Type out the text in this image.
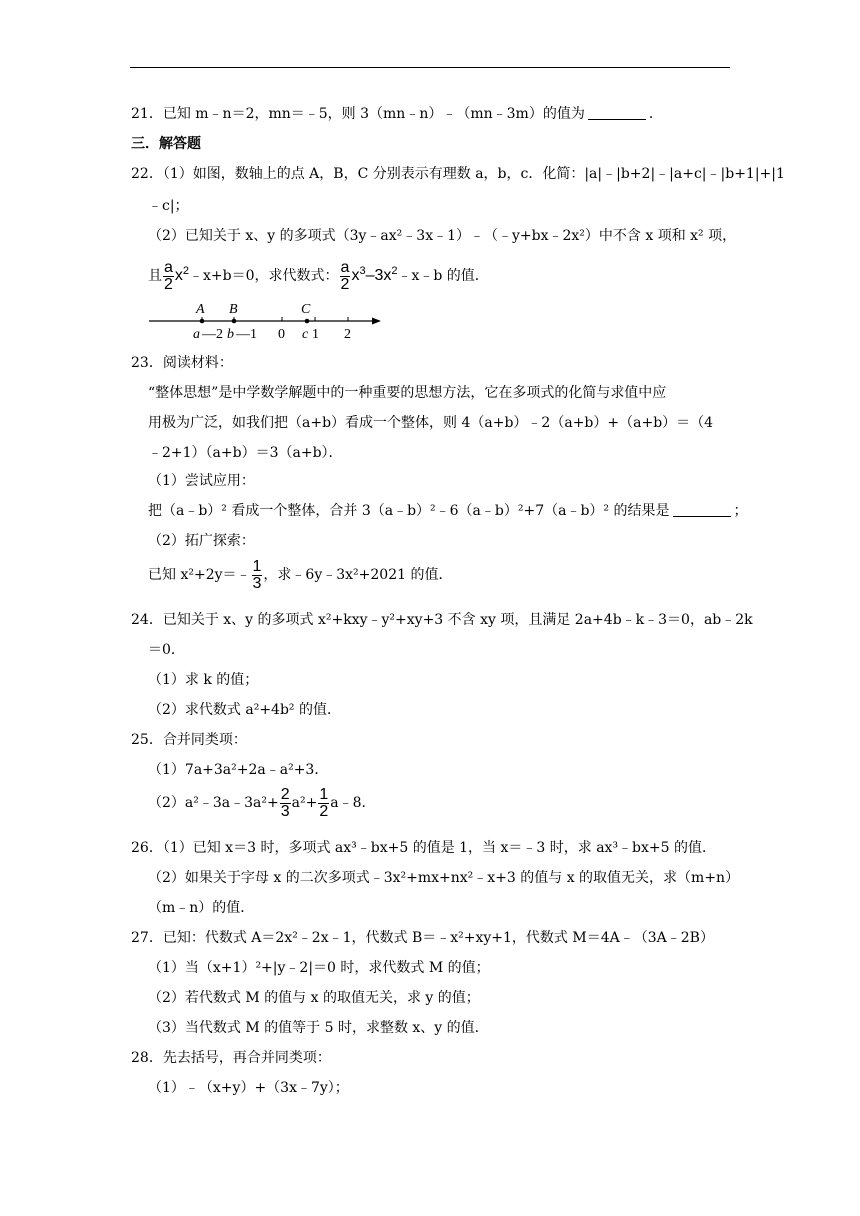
21．已知 m﹣n＝2，mn＝﹣5，则 3（mn﹣n）﹣（mn﹣3m）的值为	．
三．解答题
22．（1）如图，数轴上的点 A，B，C 分别表示有理数 a，b，c．化简：|a|﹣|b+2|﹣|a+c|﹣|b+1|+|1
﹣c|；
（2）已知关于 x、y 的多项式（3y﹣ax²﹣3x﹣1）﹣（﹣y+bx﹣2x²）中不含 x 项和 x² 项，
且 $\frac{a}{2}$ $x^2﹣x+b=0$，求代数式： $\frac{a}{2}$ $x^3-3x^2﹣x﹣b$ 的值．
A B	C
a —2 b —1 0 c 1 2
23．阅读材料：
“整体思想”是中学数学解题中的一种重要的思想方法，它在多项式的化简与求值中应
用极为广泛，如我们把（a+b）看成一个整体，则 4（a+b）﹣2（a+b）+（a+b）＝（4
﹣2+1）（a+b）＝3（a+b）．
（1）尝试应用：
把（a﹣b）² 看成一个整体，合并 3（a﹣b）²﹣6（a﹣b）²+7（a﹣b）² 的结果是	；
（2）拓广探索：
已知 x²+2y＝﹣ $\frac{1}{3}$ ，求﹣6y﹣3x²+2021 的值．
24．已知关于 x、y 的多项式 x²+kxy﹣y²+xy+3 不含 xy 项，且满足 2a+4b﹣k﹣3＝0，ab﹣2k
＝0．
（1）求 k 的值；
（2）求代数式 a²+4b² 的值．
25．合并同类项：
（1）7a+3a²+2a﹣a²+3．
（2）a²﹣3a﹣3a²+ $\frac{2}{3} a^2+ \frac{1}{2}$ a﹣8．
26．（1）已知 x＝3 时，多项式 ax³﹣bx+5 的值是 1，当 x＝﹣3 时，求 ax³﹣bx+5 的值．
（2）如果关于字母 x 的二次多项式﹣3x²+mx+nx²﹣x+3 的值与 x 的取值无关，求（m+n）
（m﹣n）的值．
27．已知：代数式 A＝2x²﹣2x﹣1，代数式 B＝﹣x²+xy+1，代数式 M＝4A﹣（3A﹣2B）
（1）当（x+1）²+|y﹣2|＝0 时，求代数式 M 的值；
（2）若代数式 M 的值与 x 的取值无关，求 y 的值；
（3）当代数式 M 的值等于 5 时，求整数 x、y 的值．
28．先去括号，再合并同类项：
（1）﹣（x+y）+（3x﹣7y）；
